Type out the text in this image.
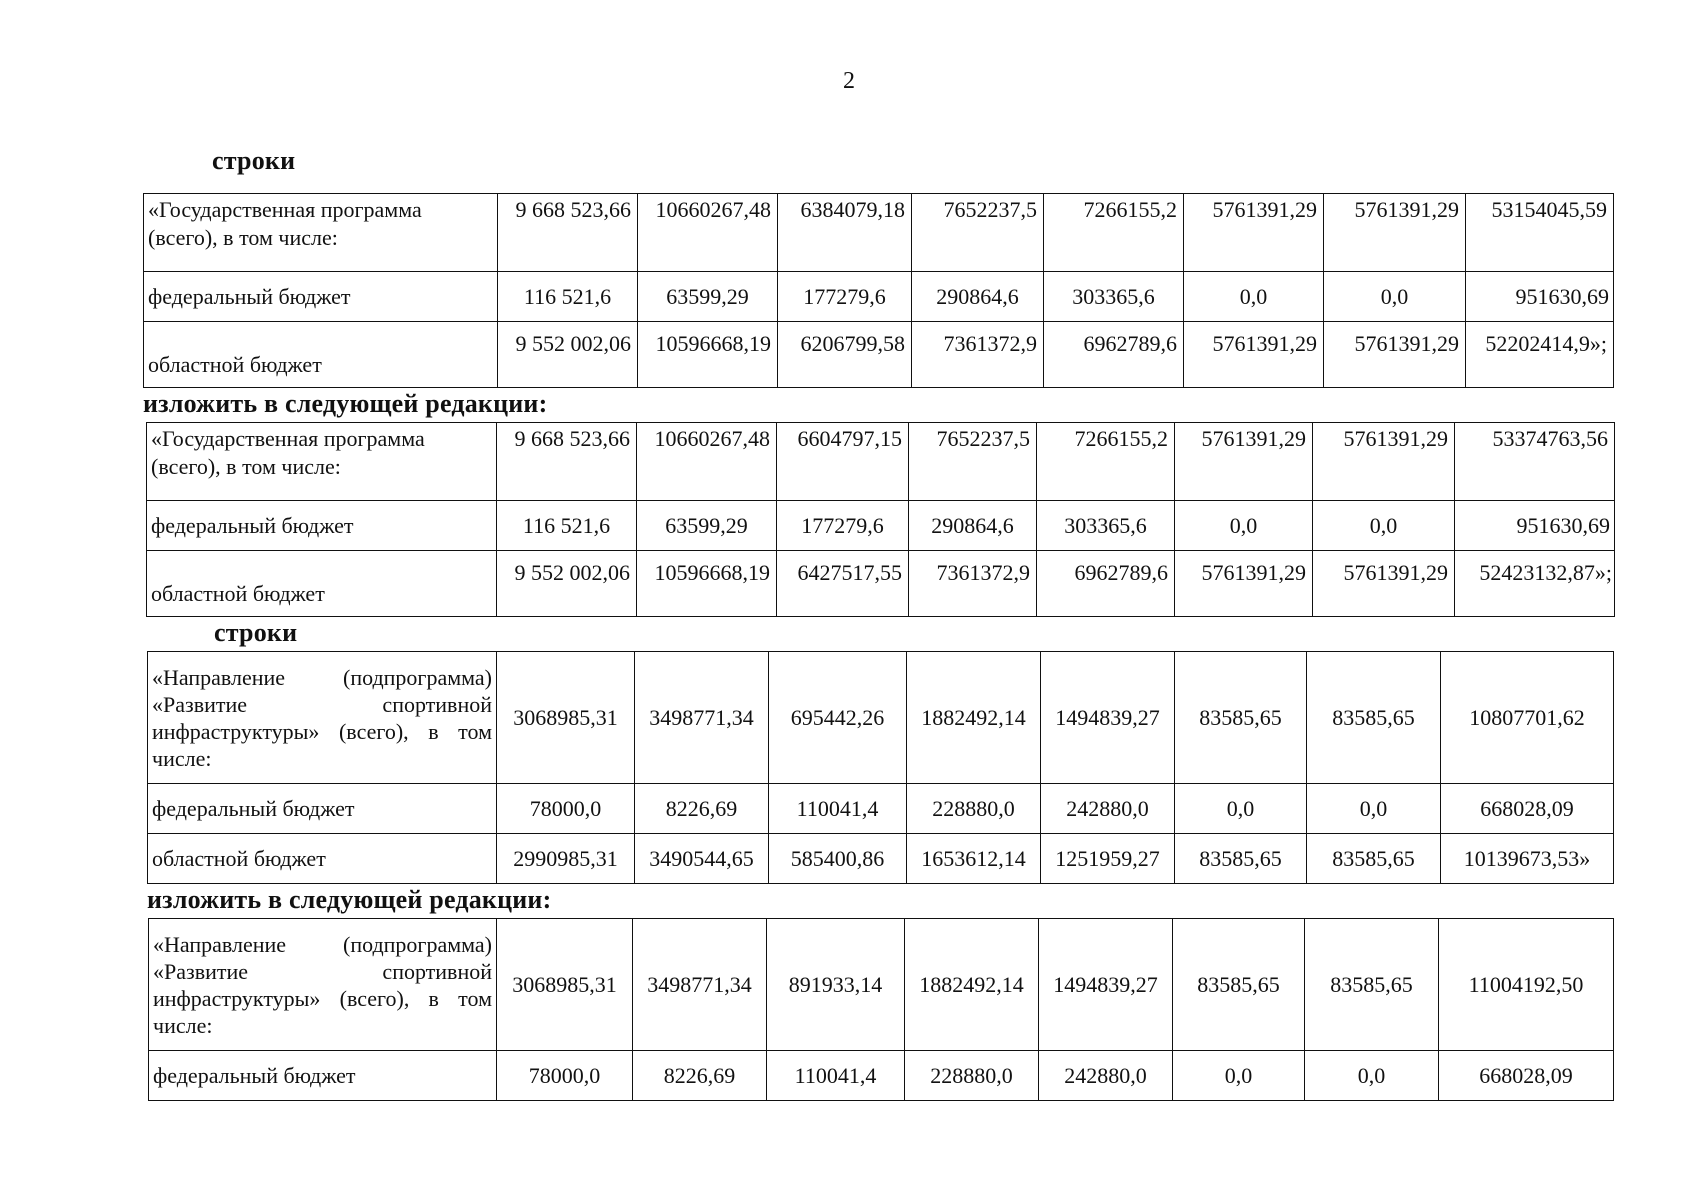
2
строки
«Государственная программа (всего), в том числе:	9 668 523,66	10660267,48	6384079,18	7652237,5	7266155,2	5761391,29	5761391,29	53154045,59
федеральный бюджет	116 521,6	63599,29	177279,6	290864,6	303365,6	0,0	0,0	951630,69
областной бюджет	9 552 002,06	10596668,19	6206799,58	7361372,9	6962789,6	5761391,29	5761391,29	52202414,9»;
изложить в следующей редакции:
«Государственная программа (всего), в том числе:	9 668 523,66	10660267,48	6604797,15	7652237,5	7266155,2	5761391,29	5761391,29	53374763,56
федеральный бюджет	116 521,6	63599,29	177279,6	290864,6	303365,6	0,0	0,0	951630,69
областной бюджет	9 552 002,06	10596668,19	6427517,55	7361372,9	6962789,6	5761391,29	5761391,29	52423132,87»;
строки
«Направление (подпрограмма) «Развитие спортивной инфраструктуры» (всего), в том числе:	3068985,31	3498771,34	695442,26	1882492,14	1494839,27	83585,65	83585,65	10807701,62
федеральный бюджет	78000,0	8226,69	110041,4	228880,0	242880,0	0,0	0,0	668028,09
областной бюджет	2990985,31	3490544,65	585400,86	1653612,14	1251959,27	83585,65	83585,65	10139673,53»
изложить в следующей редакции:
«Направление (подпрограмма) «Развитие спортивной инфраструктуры» (всего), в том числе:	3068985,31	3498771,34	891933,14	1882492,14	1494839,27	83585,65	83585,65	11004192,50
федеральный бюджет	78000,0	8226,69	110041,4	228880,0	242880,0	0,0	0,0	668028,09
